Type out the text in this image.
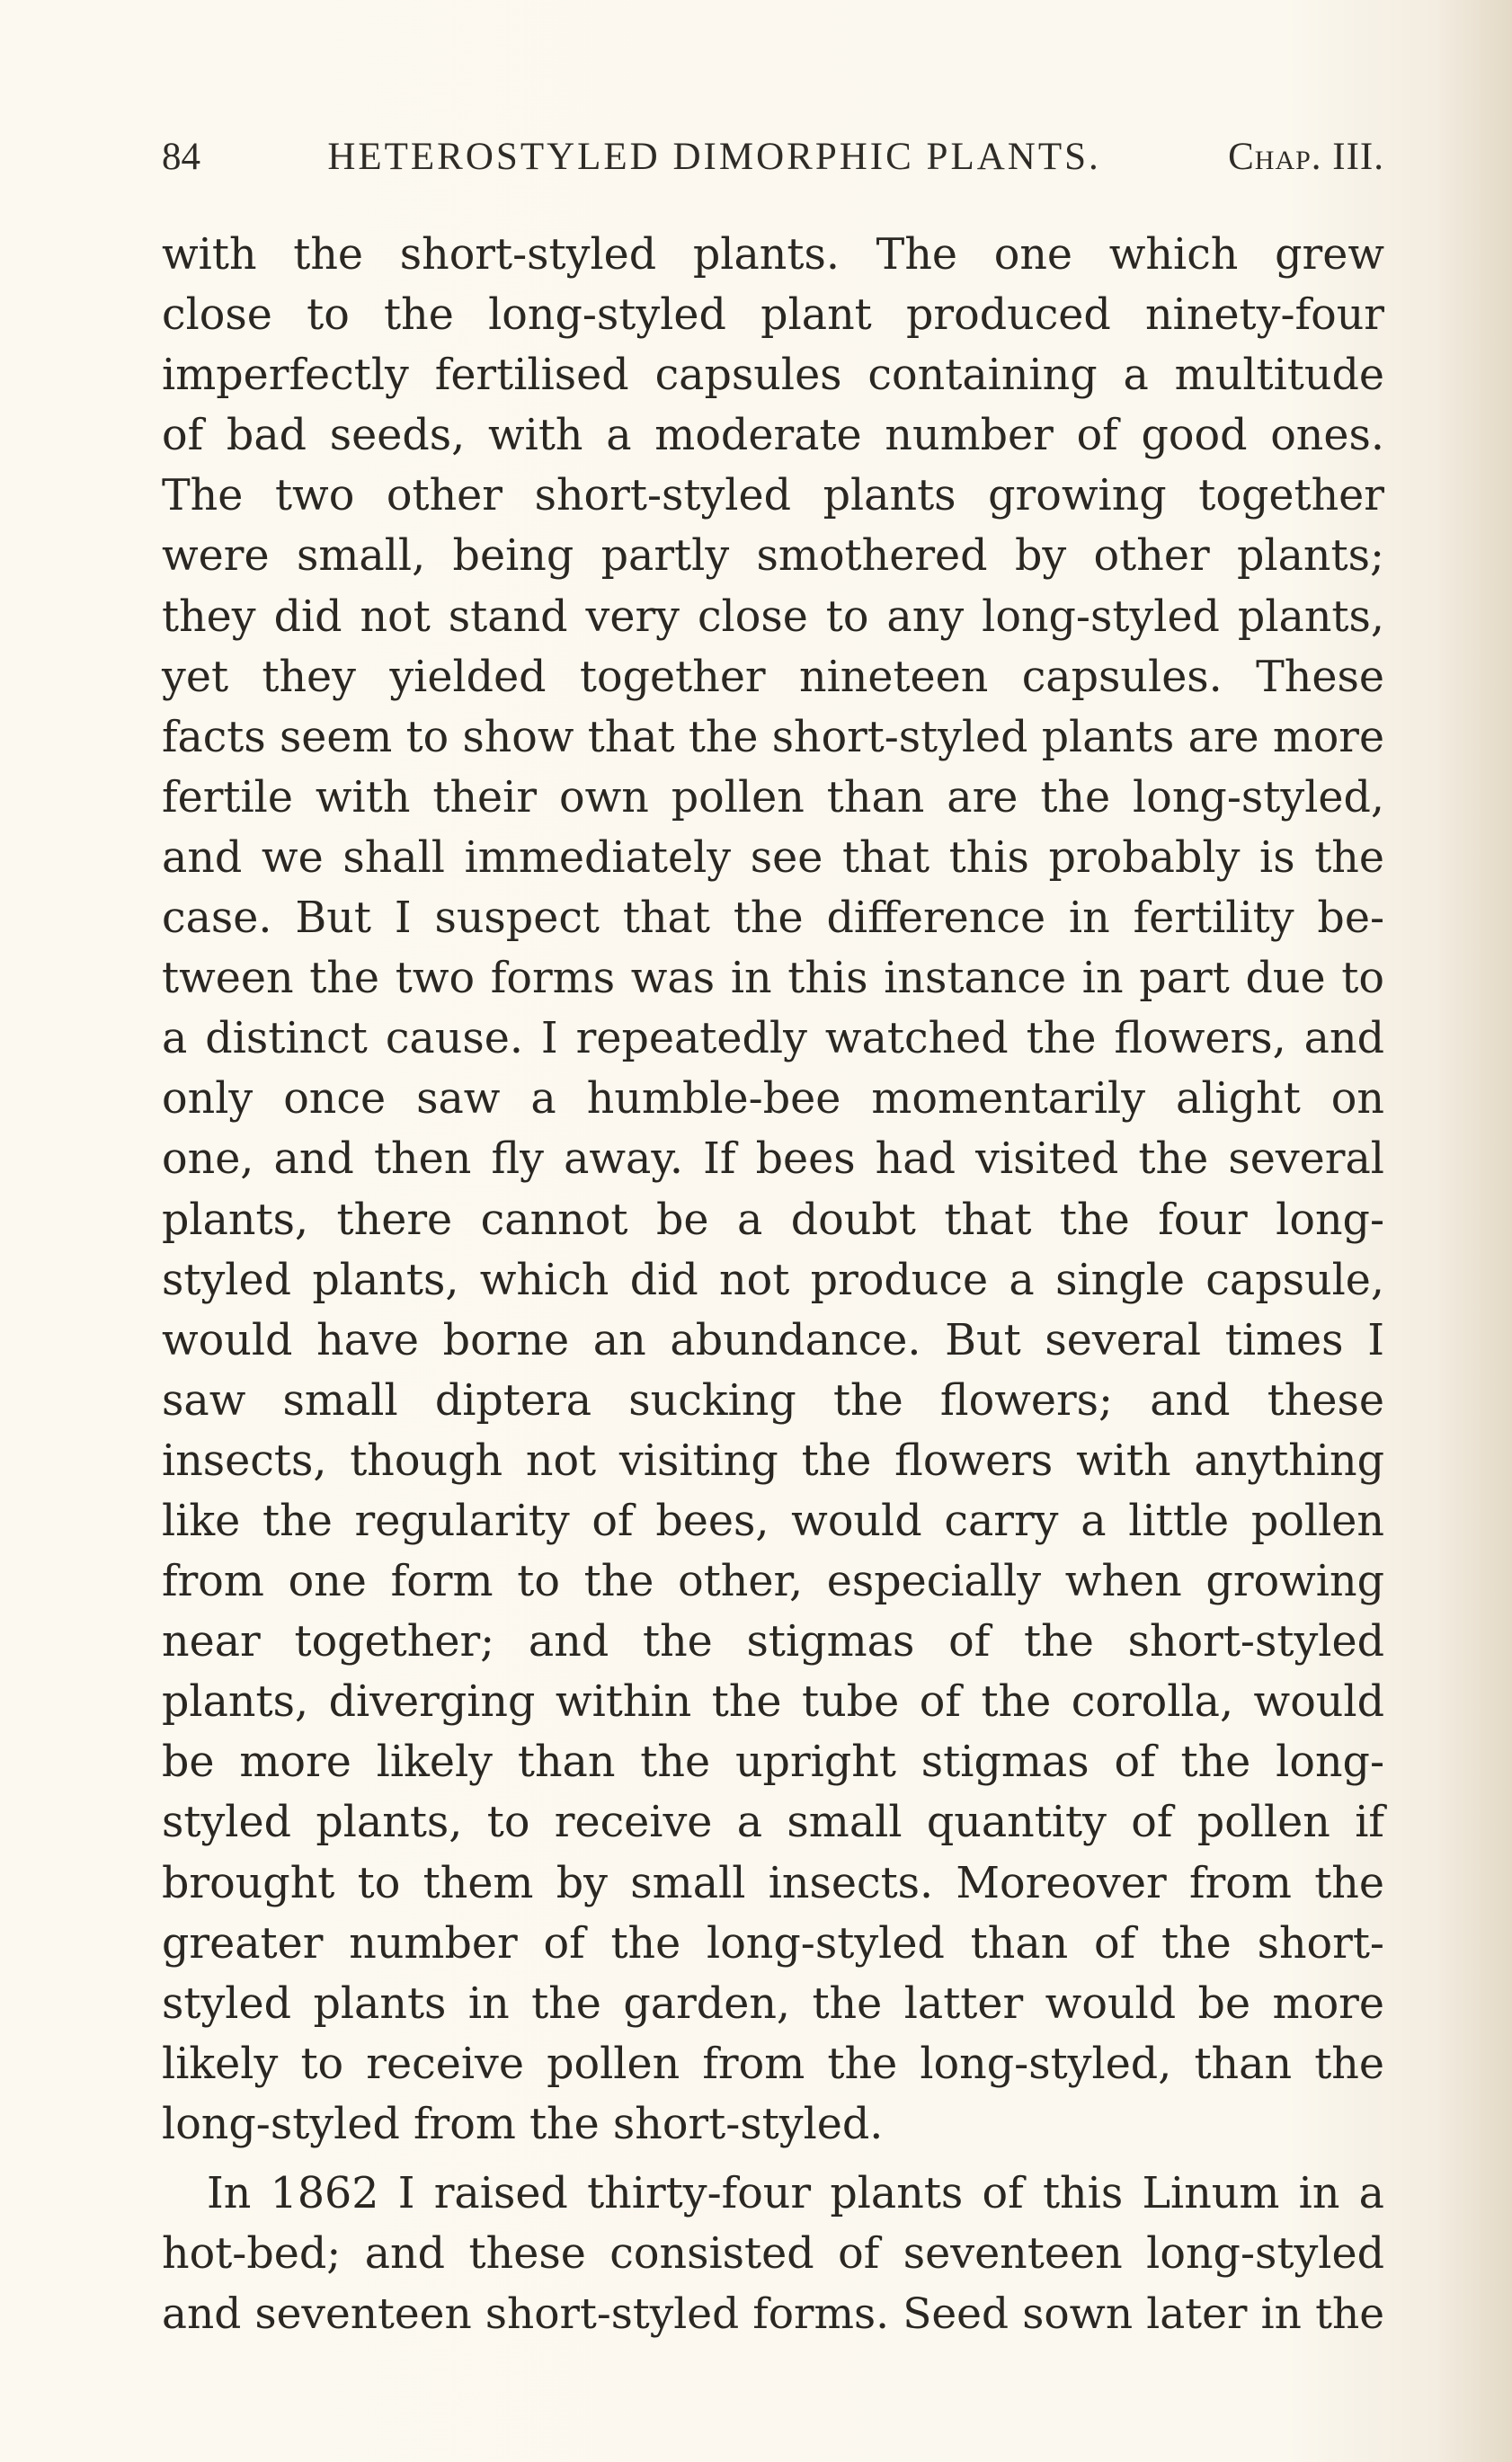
84	HETEROSTYLED DIMORPHIC PLANTS.	Chap. III.
with the short-styled plants. The one which grew
close to the long-styled plant produced ninety-four
imperfectly fertilised capsules containing a multitude
of bad seeds, with a moderate number of good ones.
The two other short-styled plants growing together
were small, being partly smothered by other plants;
they did not stand very close to any long-styled plants,
yet they yielded together nineteen capsules. These
facts seem to show that the short-styled plants are more
fertile with their own pollen than are the long-styled,
and we shall immediately see that this probably is the
case. But I suspect that the difference in fertility be-
tween the two forms was in this instance in part due to
a distinct cause. I repeatedly watched the flowers, and
only once saw a humble-bee momentarily alight on
one, and then fly away. If bees had visited the several
plants, there cannot be a doubt that the four long-
styled plants, which did not produce a single capsule,
would have borne an abundance. But several times I
saw small diptera sucking the flowers; and these
insects, though not visiting the flowers with anything
like the regularity of bees, would carry a little pollen
from one form to the other, especially when growing
near together; and the stigmas of the short-styled
plants, diverging within the tube of the corolla, would
be more likely than the upright stigmas of the long-
styled plants, to receive a small quantity of pollen if
brought to them by small insects. Moreover from the
greater number of the long-styled than of the short-
styled plants in the garden, the latter would be more
likely to receive pollen from the long-styled, than the
long-styled from the short-styled.
In 1862 I raised thirty-four plants of this Linum in a
hot-bed; and these consisted of seventeen long-styled
and seventeen short-styled forms. Seed sown later in the
